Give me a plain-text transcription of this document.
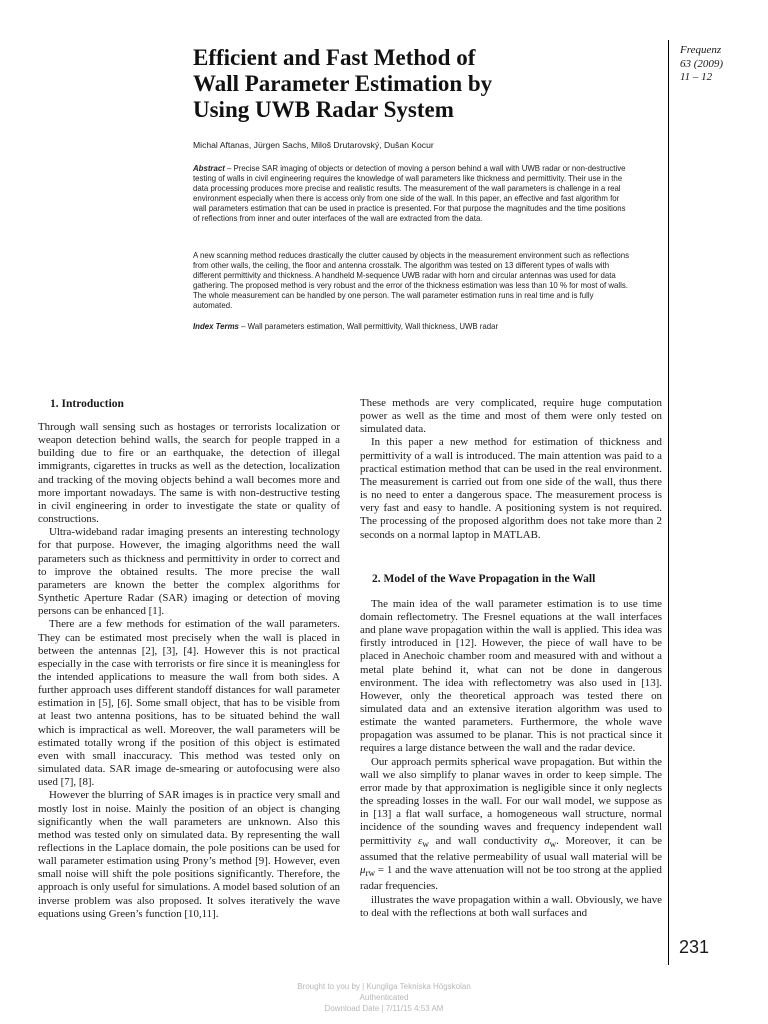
Frequenz
63 (2009)
11 – 12
Efficient and Fast Method of
Wall Parameter Estimation by
Using UWB Radar System
Michal Aftanas, Jürgen Sachs, Miloš Drutarovský, Dušan Kocur

Abstract – Precise SAR imaging of objects or detection of moving a person behind a wall with UWB radar or non-destructive testing of walls in civil engineering requires the knowledge of wall parameters like thickness and permittivity. Their use in the data processing produces more precise and realistic results. The measurement of the wall parameters is challenge in a real environment especially when there is access only from one side of the wall. In this paper, an effective and fast algorithm for wall parameters estimation that can be used in practice is presented. For that purpose the magnitudes and the time positions of reflections from inner and outer interfaces of the wall are extracted from the data.

A new scanning method reduces drastically the clutter caused by objects in the measurement environment such as reflections from other walls, the ceiling, the floor and antenna crosstalk. The algorithm was tested on 13 different types of walls with different permittivity and thickness. A handheld M-sequence UWB radar with horn and circular antennas was used for data gathering. The proposed method is very robust and the error of the thickness estimation was less than 10 % for most of walls. The whole measurement can be handled by one person. The wall parameter estimation runs in real time and is fully automated.

Index Terms – Wall parameters estimation, Wall permittivity, Wall thickness, UWB radar

1. Introduction

Through wall sensing such as hostages or terrorists localization or weapon detection behind walls, the search for people trapped in a building due to fire or an earthquake, the detection of illegal immigrants, cigarettes in trucks as well as the detection, localization and tracking of the moving objects behind a wall becomes more and more important nowadays. The same is with non-destructive testing in civil engineering in order to investigate the state or quality of constructions.

Ultra-wideband radar imaging presents an interesting technology for that purpose. However, the imaging algorithms need the wall parameters such as thickness and permittivity in order to correct and to improve the obtained results. The more precise the wall parameters are known the better the complex algorithms for Synthetic Aperture Radar (SAR) imaging or detection of moving persons can be enhanced [1].

There are a few methods for estimation of the wall parameters. They can be estimated most precisely when the wall is placed in between the antennas [2], [3], [4]. However this is not practical especially in the case with terrorists or fire since it is meaningless for the intended applications to measure the wall from both sides. A further approach uses different standoff distances for wall parameter estimation in [5], [6]. Some small object, that has to be visible from at least two antenna positions, has to be situated behind the wall which is impractical as well. Moreover, the wall parameters will be estimated totally wrong if the position of this object is estimated even with small inaccuracy. This method was tested only on simulated data. SAR image de-smearing or autofocusing were also used [7], [8].

However the blurring of SAR images is in practice very small and mostly lost in noise. Mainly the position of an object is changing significantly when the wall parameters are unknown. Also this method was tested only on simulated data. By representing the wall reflections in the Laplace domain, the pole positions can be used for wall parameter estimation using Prony’s method [9]. However, even small noise will shift the pole positions significantly. Therefore, the approach is only useful for simulations. A model based solution of an inverse problem was also proposed. It solves iteratively the wave equations using Green’s function [10,11].

These methods are very complicated, require huge computation power as well as the time and most of them were only tested on simulated data.

In this paper a new method for estimation of thickness and permittivity of a wall is introduced. The main attention was paid to a practical estimation method that can be used in the real environment. The measurement is carried out from one side of the wall, thus there is no need to enter a dangerous space. The measurement process is very fast and easy to handle. A positioning system is not required. The processing of the proposed algorithm does not take more than 2 seconds on a normal laptop in MATLAB.

2. Model of the Wave Propagation in the Wall

The main idea of the wall parameter estimation is to use time domain reflectometry. The Fresnel equations at the wall interfaces and plane wave propagation within the wall is applied. This idea was firstly introduced in [12]. However, the piece of wall have to be placed in Anechoic chamber room and measured with and without a metal plate behind it, what can not be done in dangerous environment. The idea with reflectometry was also used in [13]. However, only the theoretical approach was tested there on simulated data and an extensive iteration algorithm was used to estimate the wanted parameters. Furthermore, the whole wave propagation was assumed to be planar. This is not practical since it requires a large distance between the wall and the radar device.

Our approach permits spherical wave propagation. But within the wall we also simplify to planar waves in order to keep simple. The error made by that approximation is negligible since it only neglects the spreading losses in the wall. For our wall model, we suppose as in [13] a flat wall surface, a homogeneous wall structure, normal incidence of the sounding waves and frequency independent wall permittivity $\varepsilon_w$ and wall conductivity $\sigma_w$. Moreover, it can be assumed that the relative permeability of usual wall material will be $\mu_{rw} = 1$ and the wave attenuation will not be too strong at the applied radar frequencies.

illustrates the wave propagation within a wall. Obviously, we have to deal with the reflections at both wall surfaces and

231
Brought to you by | Kungliga Tekniska Högskolan
Authenticated
Download Date | 7/11/15 4:53 AM
